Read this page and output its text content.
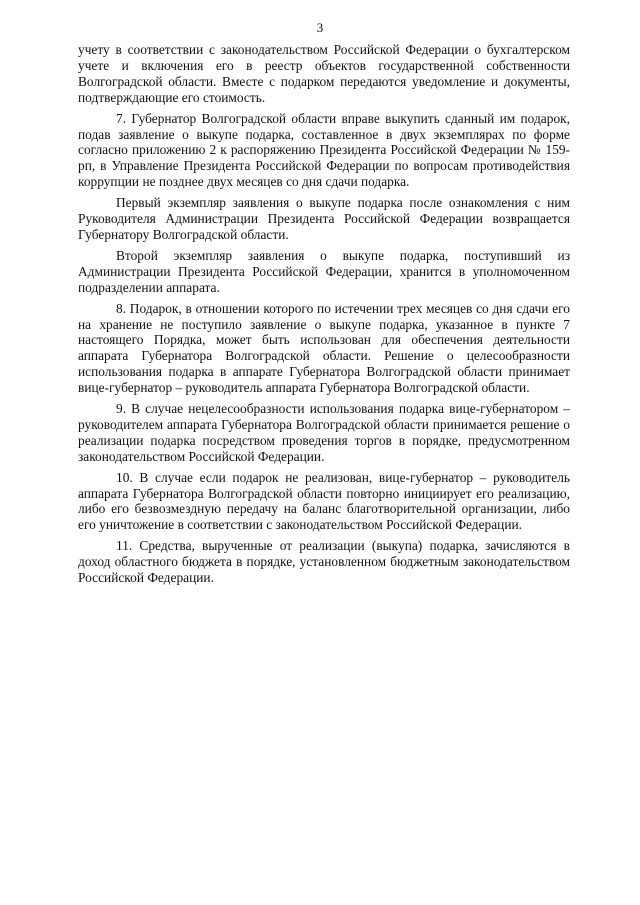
3

учету в соответствии с законодательством Российской Федерации о бухгалтерском учете и включения его в реестр объектов государственной собственности Волгоградской области. Вместе с подарком передаются уведомление и документы, подтверждающие его стоимость.

7. Губернатор Волгоградской области вправе выкупить сданный им подарок, подав заявление о выкупе подарка, составленное в двух экземплярах по форме согласно приложению 2 к распоряжению Президента Российской Федерации № 159-рп, в Управление Президента Российской Федерации по вопросам противодействия коррупции не позднее двух месяцев со дня сдачи подарка.

Первый экземпляр заявления о выкупе подарка после ознакомления с ним Руководителя Администрации Президента Российской Федерации возвращается Губернатору Волгоградской области.

Второй экземпляр заявления о выкупе подарка, поступивший из Администрации Президента Российской Федерации, хранится в уполномоченном подразделении аппарата.

8. Подарок, в отношении которого по истечении трех месяцев со дня сдачи его на хранение не поступило заявление о выкупе подарка, указанное в пункте 7 настоящего Порядка, может быть использован для обеспечения деятельности аппарата Губернатора Волгоградской области. Решение о целесообразности использования подарка в аппарате Губернатора Волгоградской области принимает вице-губернатор – руководитель аппарата Губернатора Волгоградской области.

9. В случае нецелесообразности использования подарка вице-губернатором – руководителем аппарата Губернатора Волгоградской области принимается решение о реализации подарка посредством проведения торгов в порядке, предусмотренном законодательством Российской Федерации.

10. В случае если подарок не реализован, вице-губернатор – руководитель аппарата Губернатора Волгоградской области повторно инициирует его реализацию, либо его безвозмездную передачу на баланс благотворительной организации, либо его уничтожение в соответствии с законодательством Российской Федерации.

11. Средства, вырученные от реализации (выкупа) подарка, зачисляются в доход областного бюджета в порядке, установленном бюджетным законодательством Российской Федерации.
